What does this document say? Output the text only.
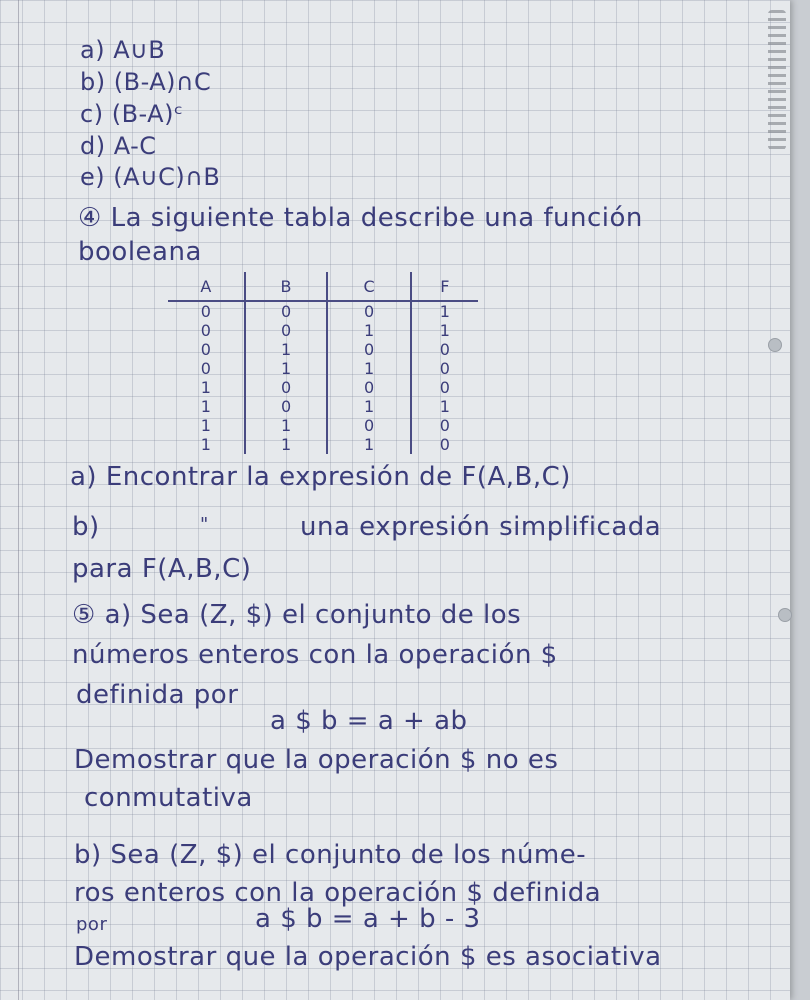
a) A∪B
b) (B-A)∩C
c) (B-A)ᶜ
d) A-C
e) (A∪C)∩B
④ La siguiente tabla describe una función
booleana
A	B	C	F
0	0	0	1
0	0	1	1
0	1	0	0
0	1	1	0
1	0	0	0
1	0	1	1
1	1	0	0
1	1	1	0
a) Encontrar la expresión de F(A,B,C)
b)	"	una expresión simplificada
para F(A,B,C)
⑤ a) Sea (Z, $) el conjunto de los
números enteros con la operación $
definida por
a $ b = a + ab
Demostrar que la operación $ no es
conmutativa
b) Sea (Z, $) el conjunto de los núme-
ros enteros con la operación $ definida
por	a $ b = a + b - 3
Demostrar que la operación $ es asociativa
